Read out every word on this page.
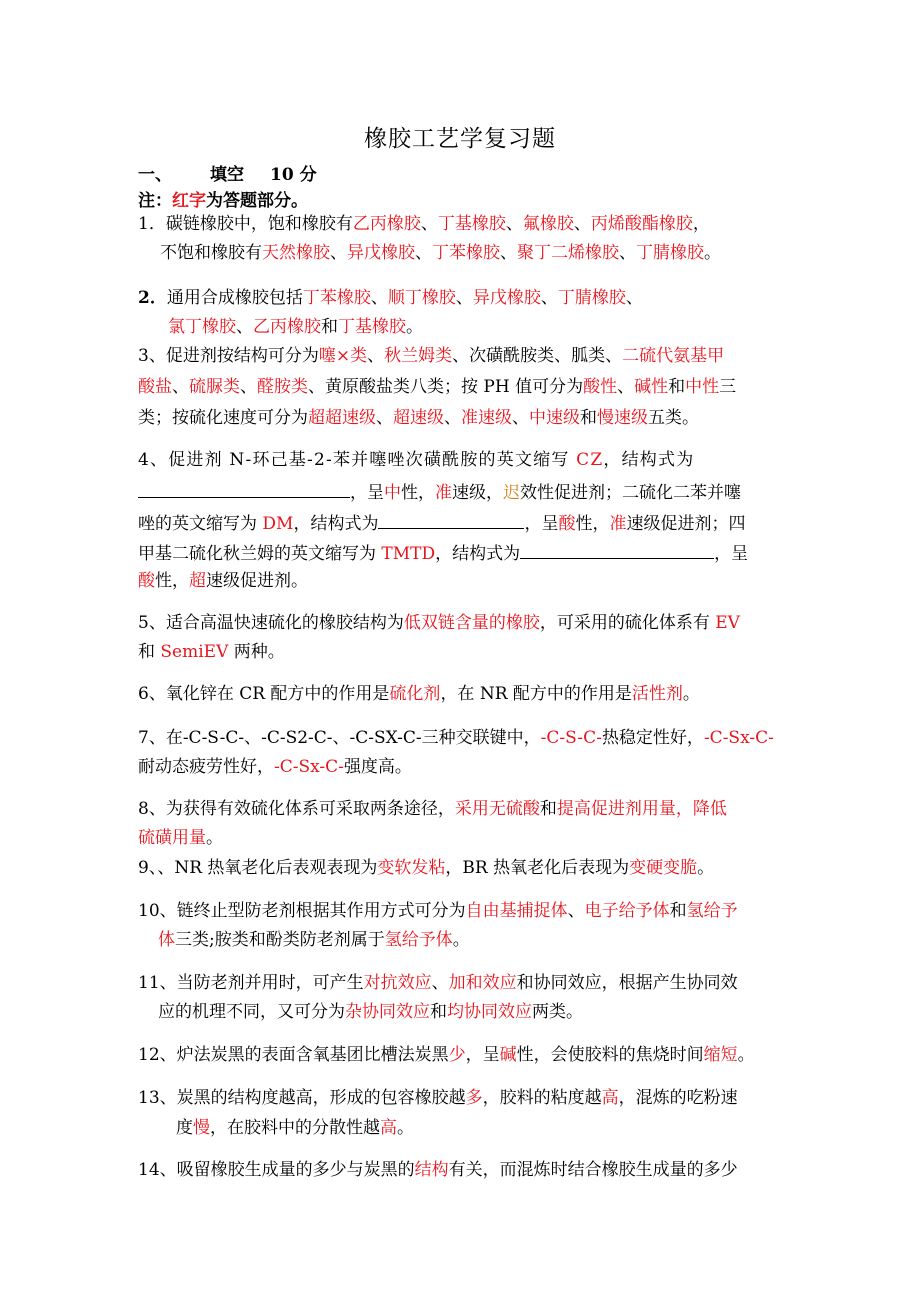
橡胶工艺学复习题
一、 填空 10 分
注：红字为答题部分。
1．碳链橡胶中，饱和橡胶有乙丙橡胶、丁基橡胶、氟橡胶、丙烯酸酯橡胶，
不饱和橡胶有天然橡胶、异戊橡胶、丁苯橡胶、聚丁二烯橡胶、丁腈橡胶。
2．通用合成橡胶包括丁苯橡胶、顺丁橡胶、异戊橡胶、丁腈橡胶、
氯丁橡胶、乙丙橡胶和丁基橡胶。
3、促进剂按结构可分为噻×类、秋兰姆类、次磺酰胺类、胍类、二硫代氨基甲
酸盐、硫脲类、醛胺类、黄原酸盐类八类；按 PH 值可分为酸性、碱性和中性三
类；按硫化速度可分为超超速级、超速级、准速级、中速级和慢速级五类。
4、促进剂 N-环己基-2-苯并噻唑次磺酰胺的英文缩写 CZ，结构式为
，呈中性，准速级，迟效性促进剂；二硫化二苯并噻
唑的英文缩写为 DM，结构式为	，呈酸性，准速级促进剂；四
甲基二硫化秋兰姆的英文缩写为 TMTD，结构式为	，呈
酸性，超速级促进剂。
5、适合高温快速硫化的橡胶结构为低双链含量的橡胶，可采用的硫化体系有 EV
和 SemiEV 两种。
6、氧化锌在 CR 配方中的作用是硫化剂，在 NR 配方中的作用是活性剂。
7、在-C-S-C-、-C-S2-C-、-C-SX-C-三种交联键中，-C-S-C-热稳定性好，-C-Sx-C-
耐动态疲劳性好，-C-Sx-C-强度高。
8、为获得有效硫化体系可采取两条途径，采用无硫酸和提高促进剂用量，降低
硫磺用量。
9、、NR 热氧老化后表观表现为变软发粘，BR 热氧老化后表现为变硬变脆。
10、链终止型防老剂根据其作用方式可分为自由基捕捉体、电子给予体和氢给予
体三类;胺类和酚类防老剂属于氢给予体。
11、当防老剂并用时，可产生对抗效应、加和效应和协同效应，根据产生协同效
应的机理不同，又可分为杂协同效应和均协同效应两类。
12、炉法炭黑的表面含氧基团比槽法炭黑少，呈碱性，会使胶料的焦烧时间缩短。
13、炭黑的结构度越高，形成的包容橡胶越多，胶料的粘度越高，混炼的吃粉速
度慢，在胶料中的分散性越高。
14、吸留橡胶生成量的多少与炭黑的结构有关，而混炼时结合橡胶生成量的多少
